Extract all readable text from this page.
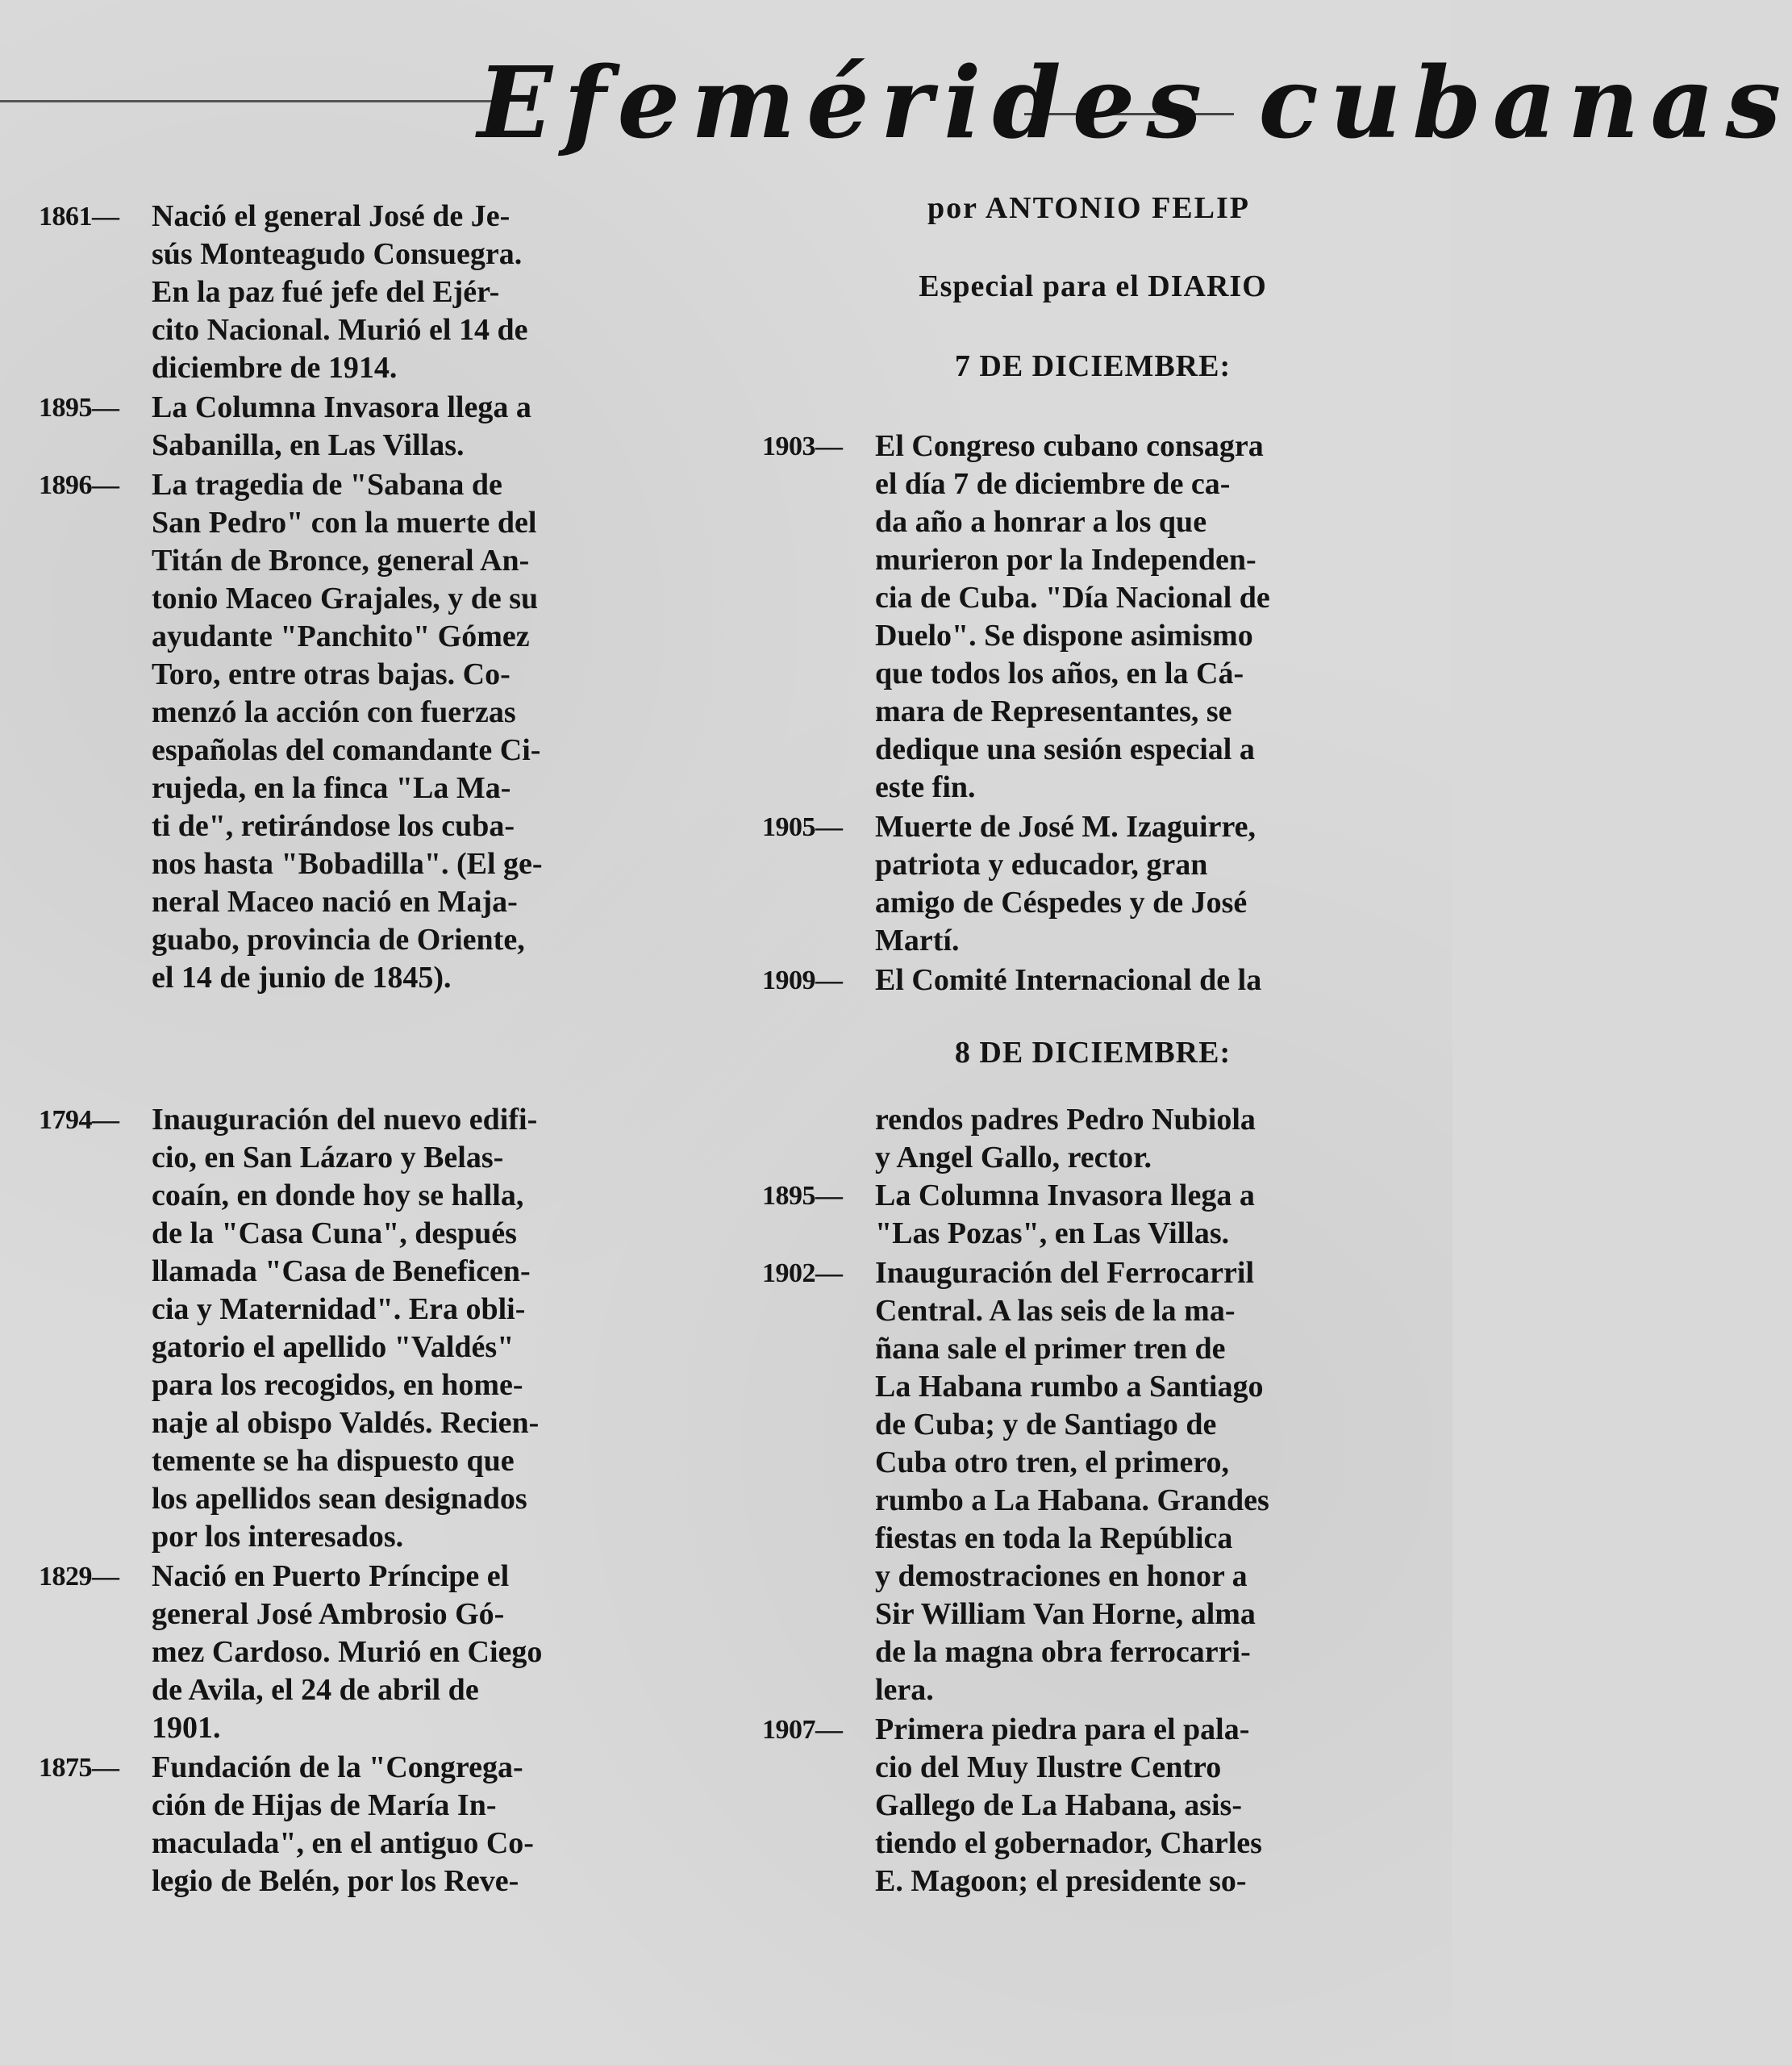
Efemérides cubanas
por ANTONIO FELIP
Especial para el DIARIO
7 DE DICIEMBRE:
8 DE DICIEMBRE:
1861— Nació el general José de Je-
sús Monteagudo Consuegra.
En la paz fué jefe del Ejér-
cito Nacional. Murió el 14 de
diciembre de 1914.
1895— La Columna Invasora llega a
Sabanilla, en Las Villas.
1896— La tragedia de "Sabana de
San Pedro" con la muerte del
Titán de Bronce, general An-
tonio Maceo Grajales, y de su
ayudante "Panchito" Gómez
Toro, entre otras bajas. Co-
menzó la acción con fuerzas
españolas del comandante Ci-
rujeda, en la finca "La Ma-
ti de", retirándose los cuba-
nos hasta "Bobadilla". (El ge-
neral Maceo nació en Maja-
guabo, provincia de Oriente,
el 14 de junio de 1845).
1794— Inauguración del nuevo edifi-
cio, en San Lázaro y Belas-
coaín, en donde hoy se halla,
de la "Casa Cuna", después
llamada "Casa de Beneficen-
cia y Maternidad". Era obli-
gatorio el apellido "Valdés"
para los recogidos, en home-
naje al obispo Valdés. Recien-
temente se ha dispuesto que
los apellidos sean designados
por los interesados.
1829— Nació en Puerto Príncipe el
general José Ambrosio Gó-
mez Cardoso. Murió en Ciego
de Avila, el 24 de abril de
1901.
1875— Fundación de la "Congrega-
ción de Hijas de María In-
maculada", en el antiguo Co-
legio de Belén, por los Reve-
1903— El Congreso cubano consagra
el día 7 de diciembre de ca-
da año a honrar a los que
murieron por la Independen-
cia de Cuba. "Día Nacional de
Duelo". Se dispone asimismo
que todos los años, en la Cá-
mara de Representantes, se
dedique una sesión especial a
este fin.
1905— Muerte de José M. Izaguirre,
patriota y educador, gran
amigo de Céspedes y de José
Martí.
1909— El Comité Internacional de la
rendos padres Pedro Nubiola
y Angel Gallo, rector.
1895— La Columna Invasora llega a
"Las Pozas", en Las Villas.
1902— Inauguración del Ferrocarril
Central. A las seis de la ma-
ñana sale el primer tren de
La Habana rumbo a Santiago
de Cuba; y de Santiago de
Cuba otro tren, el primero,
rumbo a La Habana. Grandes
fiestas en toda la República
y demostraciones en honor a
Sir William Van Horne, alma
de la magna obra ferrocarri-
lera.
1907— Primera piedra para el pala-
cio del Muy Ilustre Centro
Gallego de La Habana, asis-
tiendo el gobernador, Charles
E. Magoon; el presidente so-
